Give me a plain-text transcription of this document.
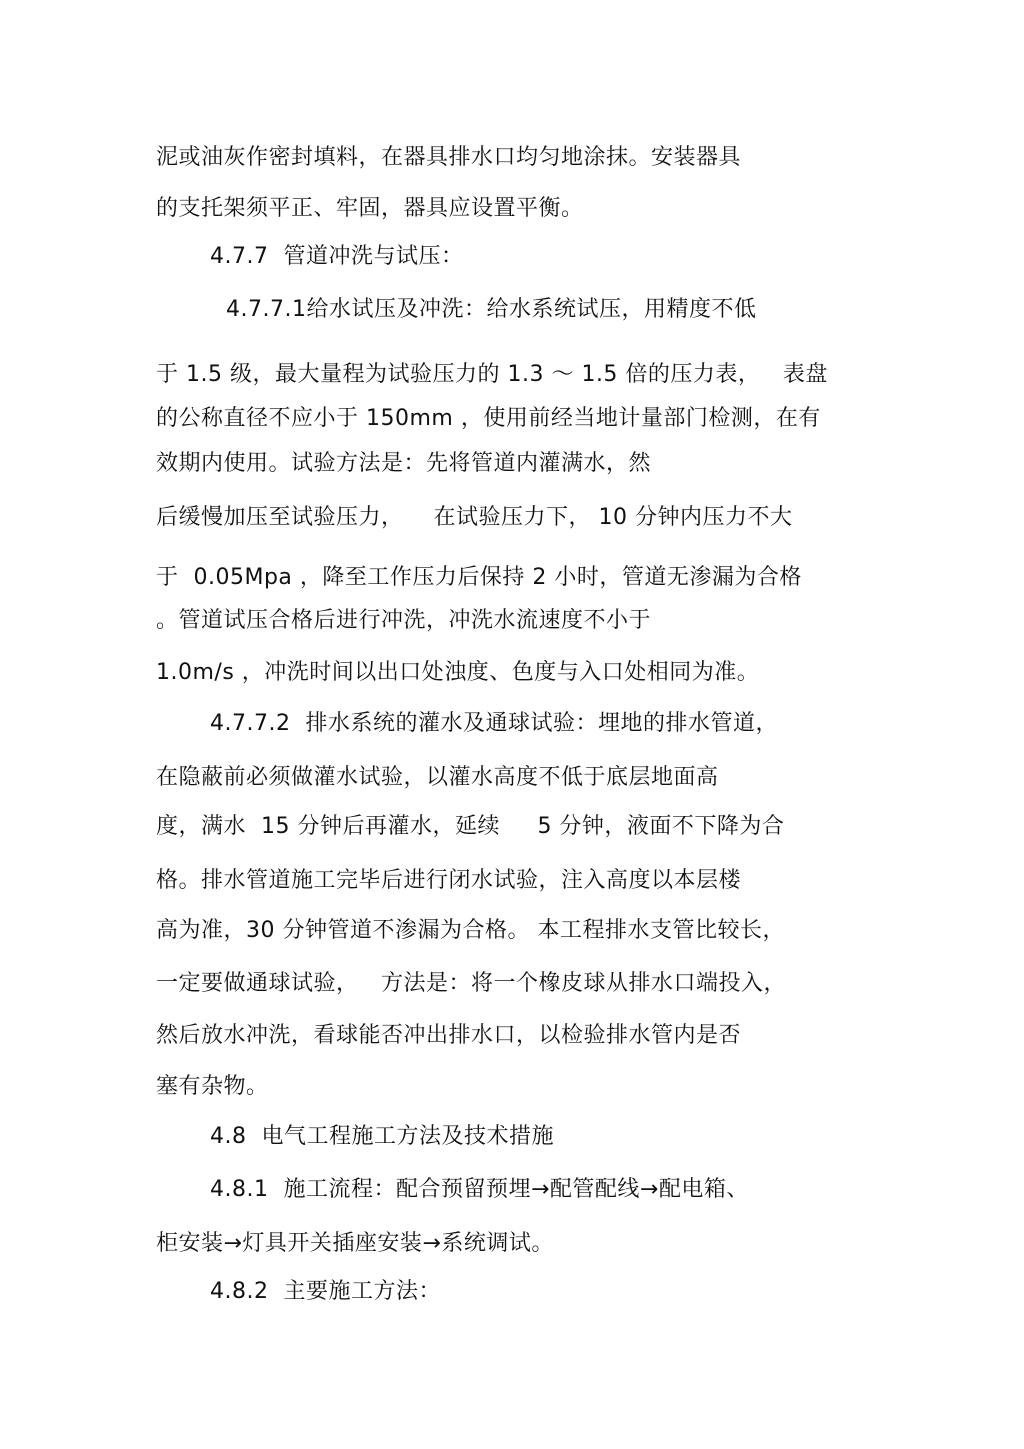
泥或油灰作密封填料，在器具排水口均匀地涂抹。安装器具
的支托架须平正、牢固，器具应设置平衡。
4.7.7  管道冲洗与试压：
4.7.7.1给水试压及冲洗：给水系统试压，用精度不低
于 1.5 级，最大量程为试验压力的 1.3 ～ 1.5 倍的压力表，   表盘
的公称直径不应小于 150mm ，使用前经当地计量部门检测，在有
效期内使用。试验方法是：先将管道内灌满水，然
后缓慢加压至试验压力，    在试验压力下， 10 分钟内压力不大
于  0.05Mpa ，降至工作压力后保持 2 小时，管道无渗漏为合格
。管道试压合格后进行冲洗，冲洗水流速度不小于
1.0m/s ，冲洗时间以出口处浊度、色度与入口处相同为准。
4.7.7.2  排水系统的灌水及通球试验：埋地的排水管道，
在隐蔽前必须做灌水试验，以灌水高度不低于底层地面高
度，满水  15 分钟后再灌水，延续     5 分钟，液面不下降为合
格。排水管道施工完毕后进行闭水试验，注入高度以本层楼
高为准，30 分钟管道不渗漏为合格。 本工程排水支管比较长，
一定要做通球试验，   方法是：将一个橡皮球从排水口端投入，
然后放水冲洗，看球能否冲出排水口，以检验排水管内是否
塞有杂物。
4.8  电气工程施工方法及技术措施
4.8.1  施工流程：配合预留预埋→配管配线→配电箱、
柜安装→灯具开关插座安装→系统调试。
4.8.2  主要施工方法：
